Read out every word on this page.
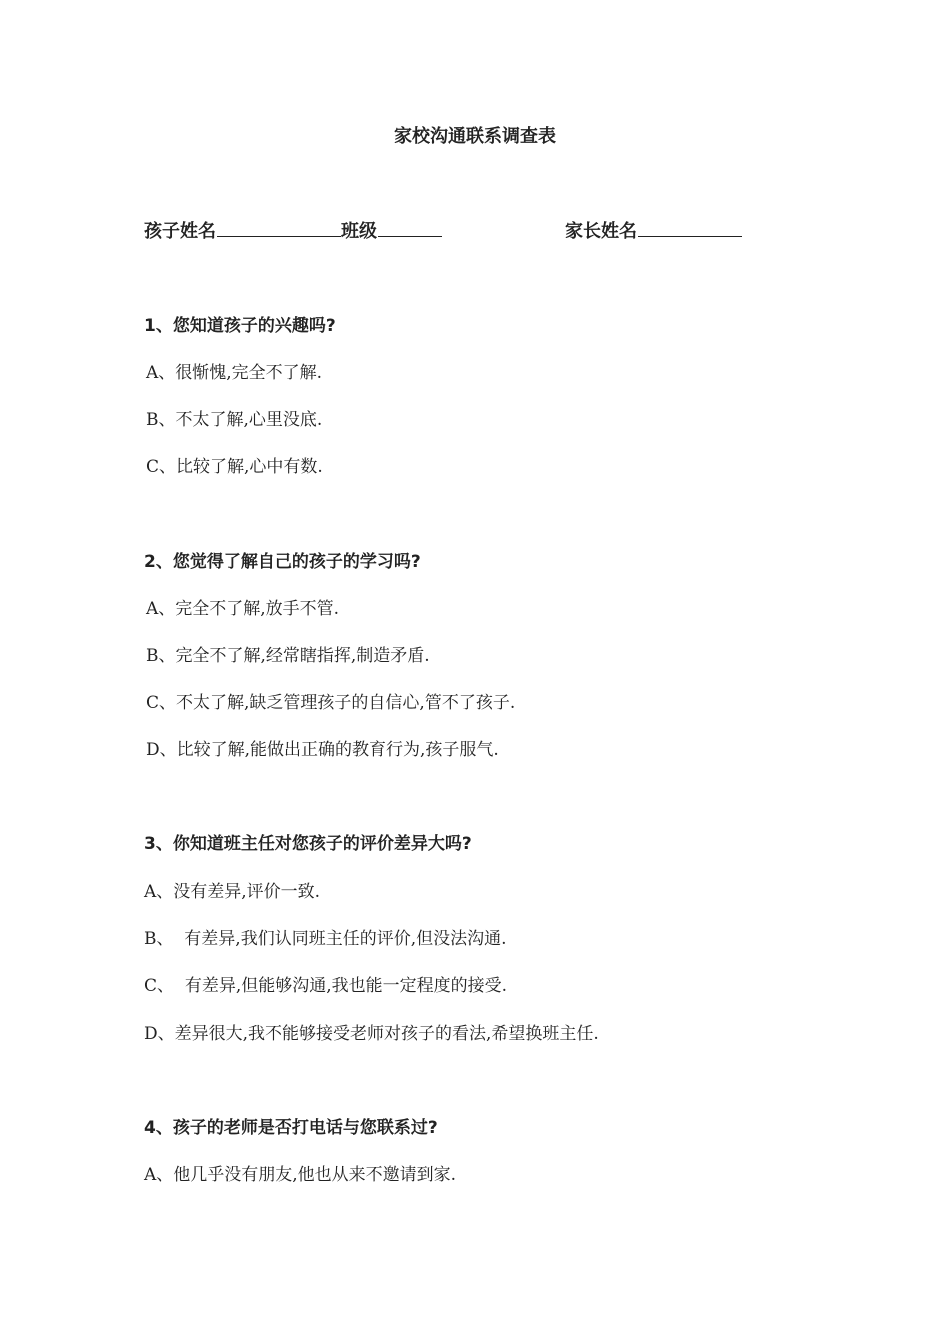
家校沟通联系调查表
孩子姓名	班级	家长姓名
1、您知道孩子的兴趣吗?
A、很惭愧,完全不了解.
B、不太了解,心里没底.
C、比较了解,心中有数.
2、您觉得了解自己的孩子的学习吗?
A、完全不了解,放手不管.
B、完全不了解,经常瞎指挥,制造矛盾.
C、不太了解,缺乏管理孩子的自信心,管不了孩子.
D、比较了解,能做出正确的教育行为,孩子服气.
3、你知道班主任对您孩子的评价差异大吗?
A、没有差异,评价一致.
B、  有差异,我们认同班主任的评价,但没法沟通.
C、  有差异,但能够沟通,我也能一定程度的接受.
D、差异很大,我不能够接受老师对孩子的看法,希望换班主任.
4、孩子的老师是否打电话与您联系过?
A、他几乎没有朋友,他也从来不邀请到家.
